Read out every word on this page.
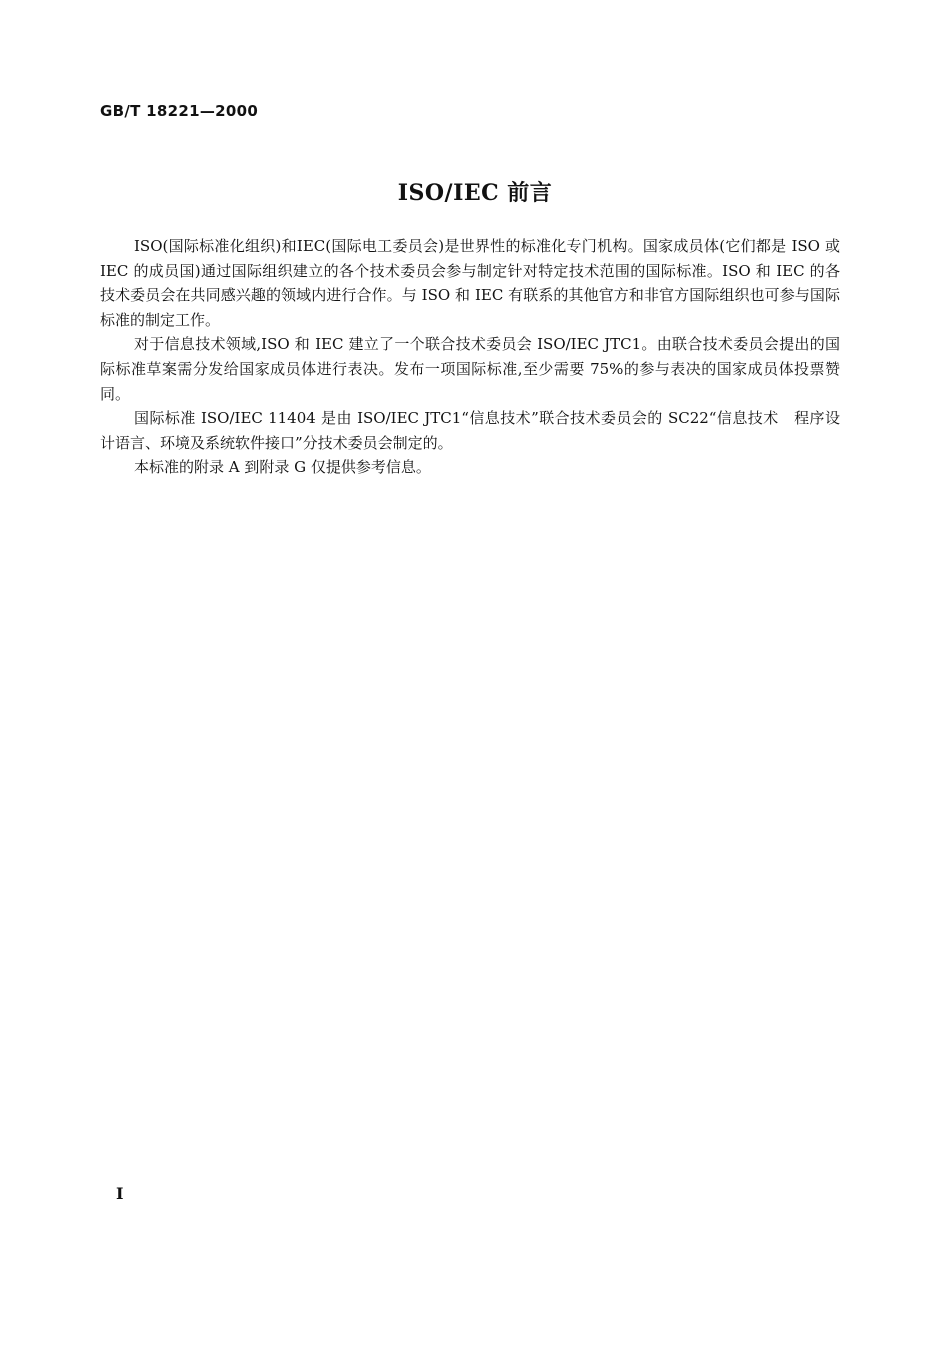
GB/T 18221—2000

ISO/IEC 前言

ISO(国际标准化组织)和IEC(国际电工委员会)是世界性的标准化专门机构。国家成员体(它们都是 ISO 或 IEC 的成员国)通过国际组织建立的各个技术委员会参与制定针对特定技术范围的国际标准。ISO 和 IEC 的各技术委员会在共同感兴趣的领域内进行合作。与 ISO 和 IEC 有联系的其他官方和非官方国际组织也可参与国际标准的制定工作。

对于信息技术领域,ISO 和 IEC 建立了一个联合技术委员会 ISO/IEC JTC1。由联合技术委员会提出的国际标准草案需分发给国家成员体进行表决。发布一项国际标准,至少需要 75%的参与表决的国家成员体投票赞同。

国际标准 ISO/IEC 11404 是由 ISO/IEC JTC1“信息技术”联合技术委员会的 SC22“信息技术　程序设计语言、环境及系统软件接口”分技术委员会制定的。

本标准的附录 A 到附录 G 仅提供参考信息。

I
